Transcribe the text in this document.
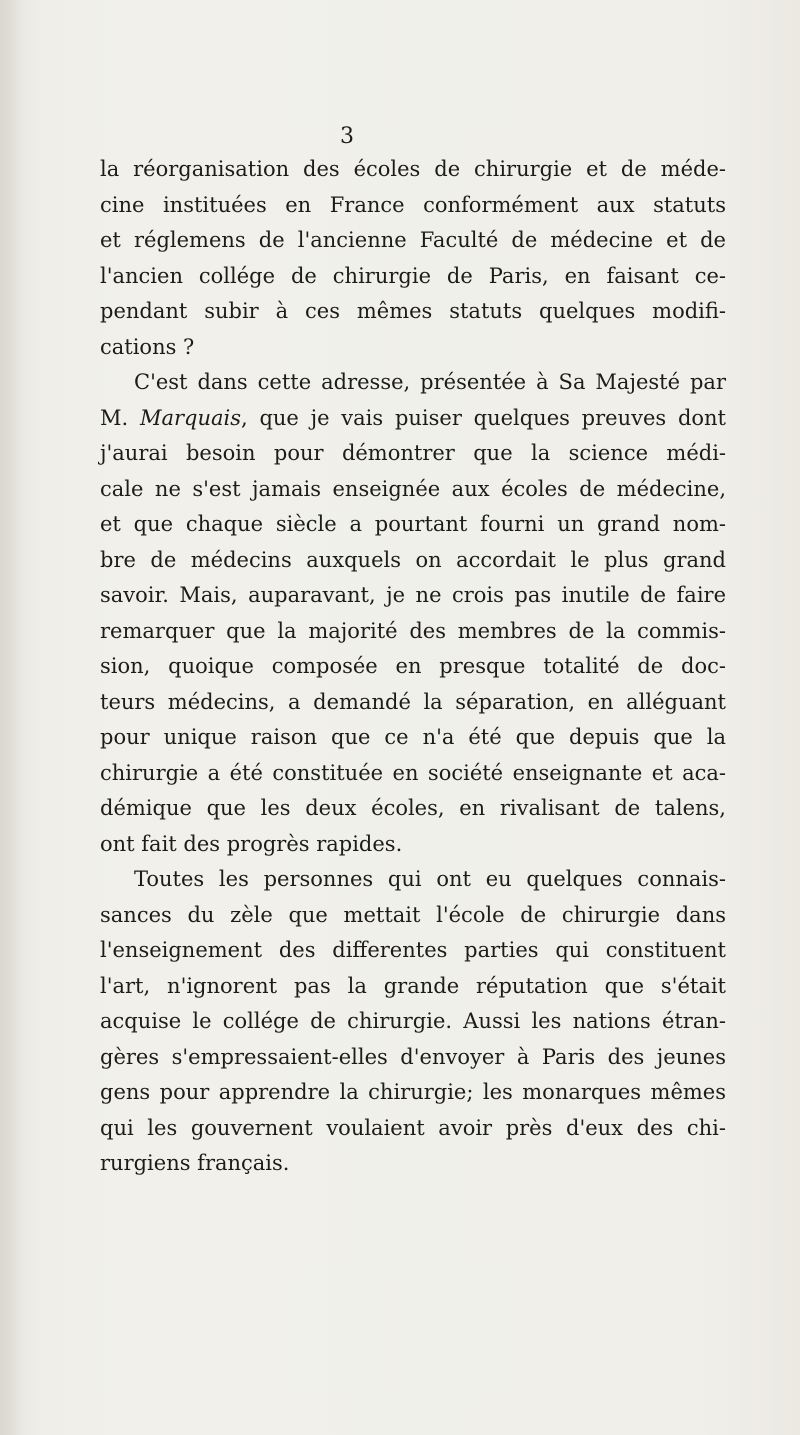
3
la réorganisation des écoles de chirurgie et de méde-
cine instituées en France conformément aux statuts
et réglemens de l'ancienne Faculté de médecine et de
l'ancien collége de chirurgie de Paris, en faisant ce-
pendant subir à ces mêmes statuts quelques modifi-
cations ?
C'est dans cette adresse, présentée à Sa Majesté par
M. Marquais, que je vais puiser quelques preuves dont
j'aurai besoin pour démontrer que la science médi-
cale ne s'est jamais enseignée aux écoles de médecine,
et que chaque siècle a pourtant fourni un grand nom-
bre de médecins auxquels on accordait le plus grand
savoir. Mais, auparavant, je ne crois pas inutile de faire
remarquer que la majorité des membres de la commis-
sion, quoique composée en presque totalité de doc-
teurs médecins, a demandé la séparation, en alléguant
pour unique raison que ce n'a été que depuis que la
chirurgie a été constituée en société enseignante et aca-
démique que les deux écoles, en rivalisant de talens,
ont fait des progrès rapides.
Toutes les personnes qui ont eu quelques connais-
sances du zèle que mettait l'école de chirurgie dans
l'enseignement des differentes parties qui constituent
l'art, n'ignorent pas la grande réputation que s'était
acquise le collége de chirurgie. Aussi les nations étran-
gères s'empressaient-elles d'envoyer à Paris des jeunes
gens pour apprendre la chirurgie; les monarques mêmes
qui les gouvernent voulaient avoir près d'eux des chi-
rurgiens français.
